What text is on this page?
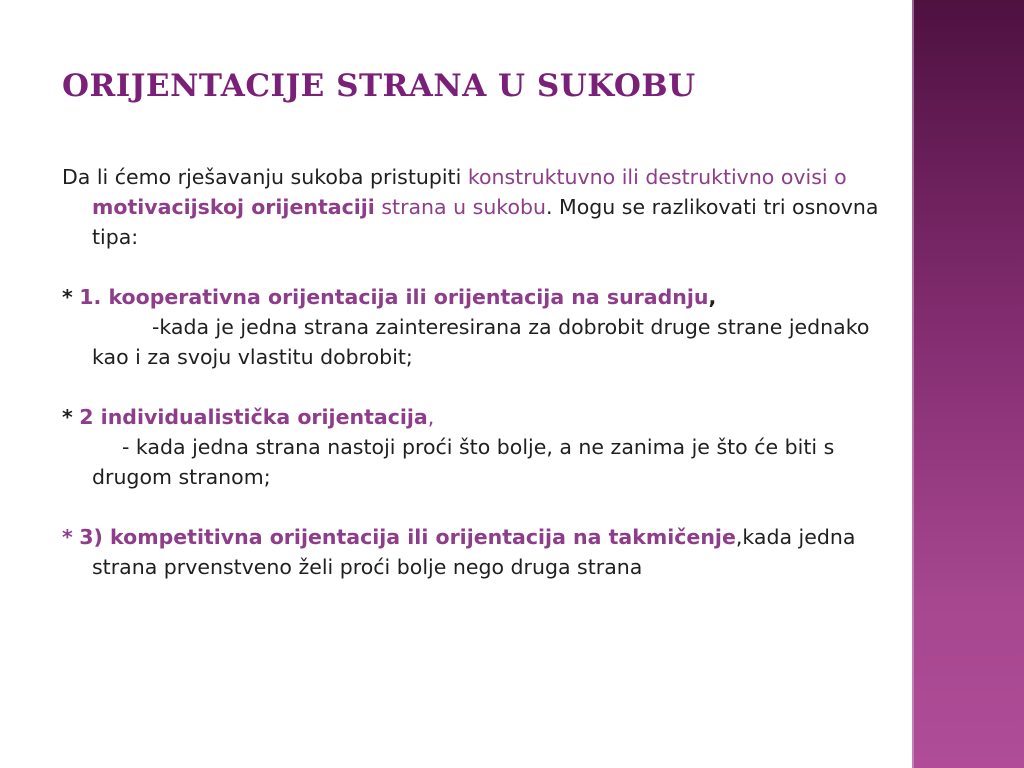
ORIJENTACIJE STRANA U SUKOBU

Da li ćemo rješavanju sukoba pristupiti konstruktuvno ili destruktivno ovisi o motivacijskoj orijentaciji strana u sukobu. Mogu se razlikovati tri osnovna tipa:

* 1. kooperativna orijentacija ili orijentacija na suradnju,

-kada je jedna strana zainteresirana za dobrobit druge strane jednako kao i za svoju vlastitu dobrobit;

* 2 individualistička orijentacija,

- kada jedna strana nastoji proći što bolje, a ne zanima je što će biti s drugom stranom;

* 3) kompetitivna orijentacija ili orijentacija na takmičenje,kada jedna strana prvenstveno želi proći bolje nego druga strana
